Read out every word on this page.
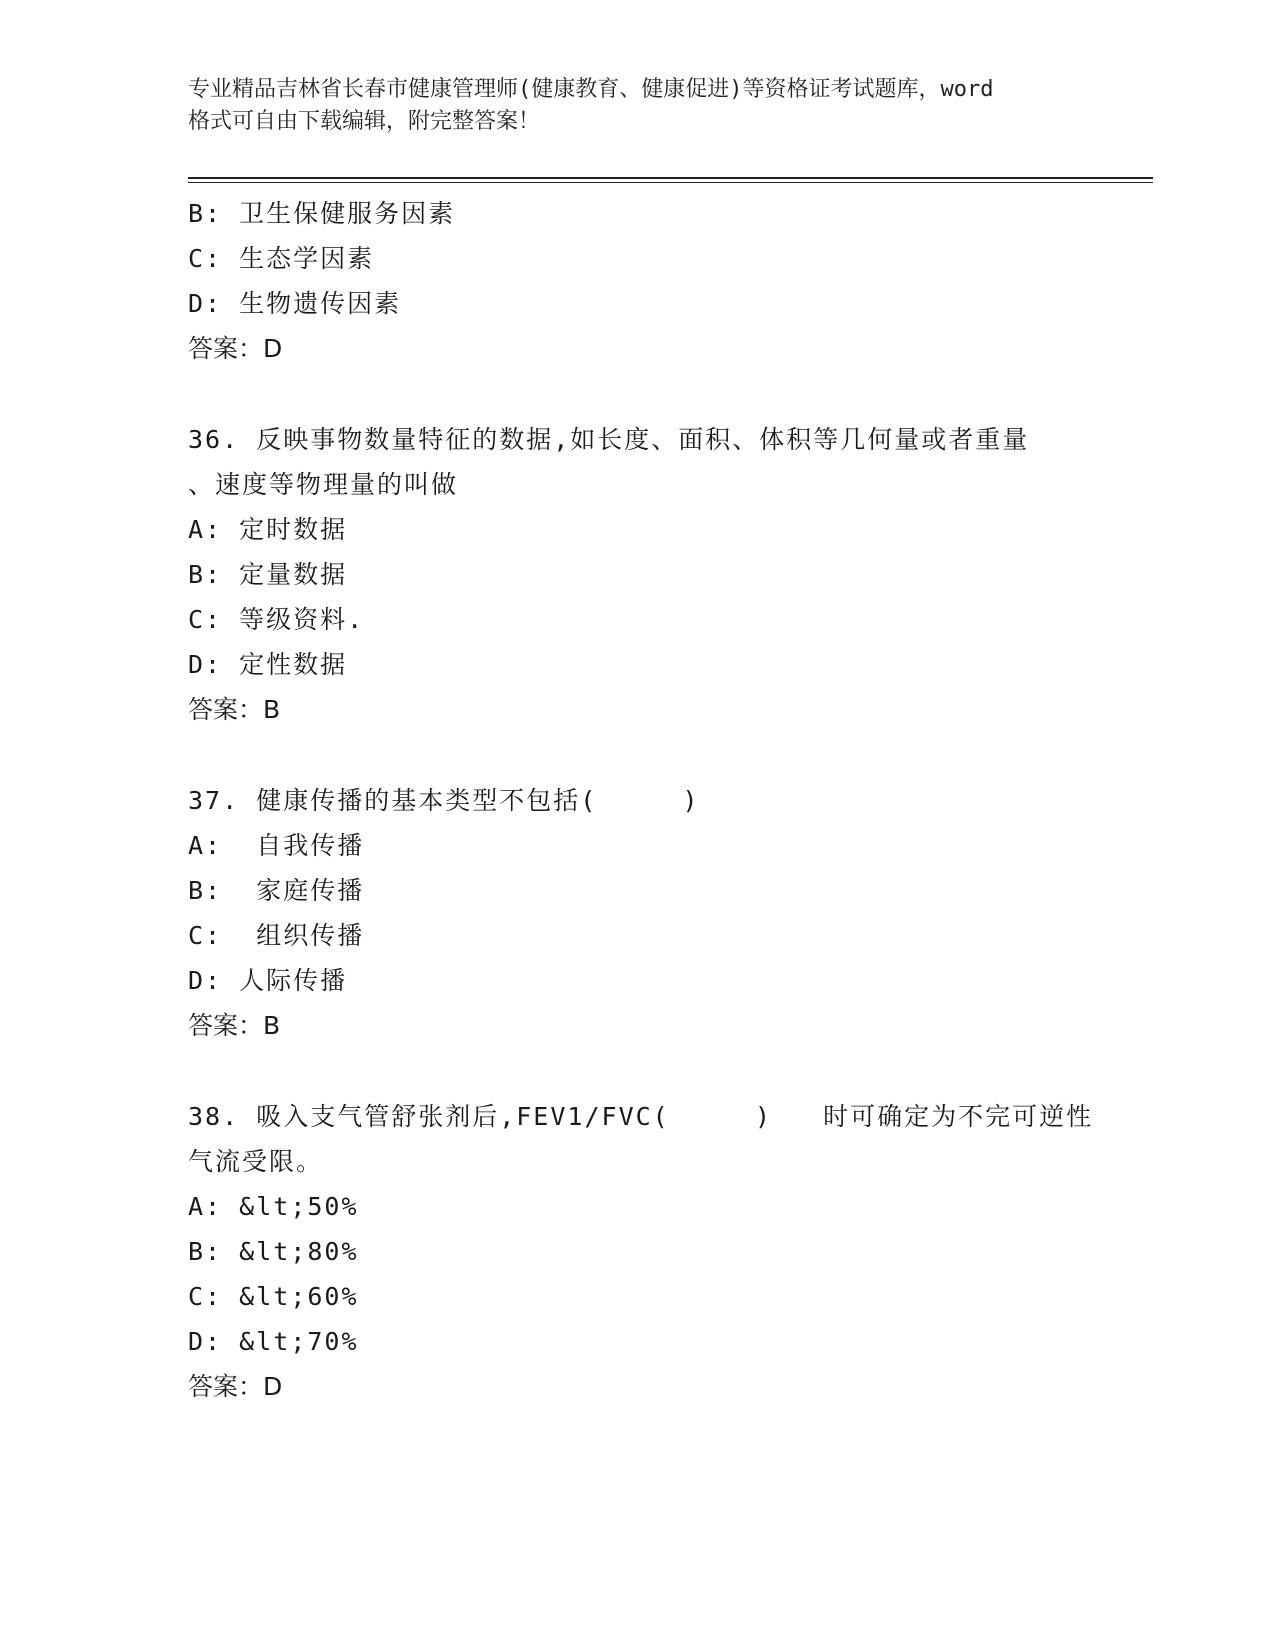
专业精品吉林省长春市健康管理师(健康教育、健康促进)等资格证考试题库，word
格式可自由下载编辑，附完整答案！
B: 卫生保健服务因素
C: 生态学因素
D: 生物遗传因素
答案：D
36. 反映事物数量特征的数据,如长度、面积、体积等几何量或者重量
、速度等物理量的叫做
A: 定时数据
B: 定量数据
C: 等级资料.
D: 定性数据
答案：B
37. 健康传播的基本类型不包括(     )
A:  自我传播
B:  家庭传播
C:  组织传播
D: 人际传播
答案：B
38. 吸入支气管舒张剂后,FEV1/FVC(     )   时可确定为不完可逆性
气流受限。
A: &lt;50%
B: &lt;80%
C: &lt;60%
D: &lt;70%
答案：D
